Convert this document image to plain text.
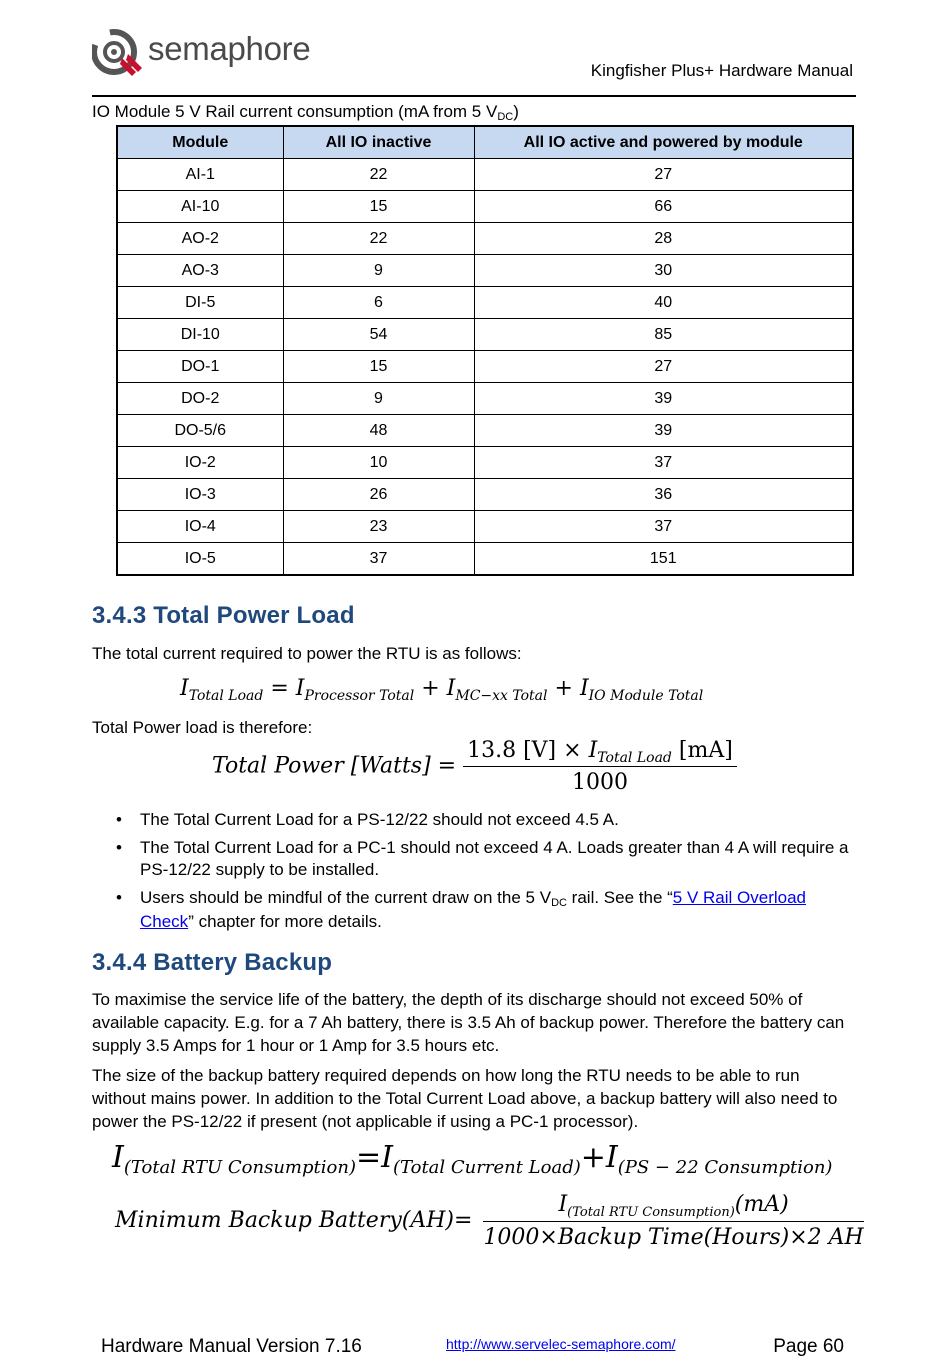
semaphore
Kingfisher Plus+ Hardware Manual
IO Module 5 V Rail current consumption (mA from 5 $V_{DC}$)
Module	All IO inactive	All IO active and powered by module
AI-1	22	27
AI-10	15	66
AO-2	22	28
AO-3	9	30
DI-5	6	40
DI-10	54	85
DO-1	15	27
DO-2	9	39
DO-5/6	48	39
IO-2	10	37
IO-3	26	36
IO-4	23	37
IO-5	37	151
3.4.3 Total Power Load

The total current required to power the RTU is as follows:

$I_{Total Load} = I_{Processor Total} + I_{MC-xx Total} + I_{IO Module Total}$

Total Power load is therefore:

Total Power [Watts] = $\frac{13.8 [V] \times I_{Total Load} [mA]}{1000}$
• The Total Current Load for a PS-12/22 should not exceed 4.5 A.
• The Total Current Load for a PC-1 should not exceed 4 A. Loads greater than 4 A will require a PS-12/22 supply to be installed.
• Users should be mindful of the current draw on the 5 $V_{DC}$ rail. See the “5 V Rail Overload Check” chapter for more details.
3.4.4 Battery Backup

To maximise the service life of the battery, the depth of its discharge should not exceed 50% of available capacity. E.g. for a 7 Ah battery, there is 3.5 Ah of backup power. Therefore the battery can supply 3.5 Amps for 1 hour or 1 Amp for 3.5 hours etc.

The size of the backup battery required depends on how long the RTU needs to be able to run without mains power. In addition to the Total Current Load above, a backup battery will also need to power the PS-12/22 if present (not applicable if using a PC-1 processor).

$I_{(Total RTU Consumption)}=I_{(Total Current Load)}+I_{(PS - 22 Consumption)}$
Minimum Backup Battery(AH)= $\frac{I_{(Total RTU Consumption)}(mA)}{\text{1000×Backup Time(Hours)×2 AH}}$
Hardware Manual Version 7.16	http://www.servelec-semaphore.com/	Page 60
